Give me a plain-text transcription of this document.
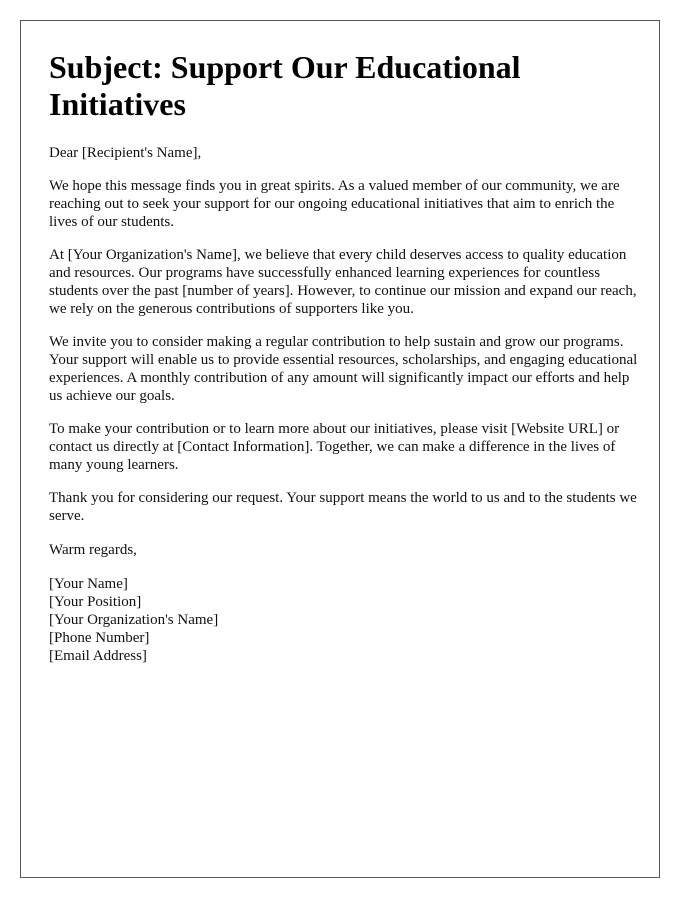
Subject: Support Our Educational Initiatives
Dear [Recipient's Name],

We hope this message finds you in great spirits. As a valued member of our community, we are reaching out to seek your support for our ongoing educational initiatives that aim to enrich the lives of our students.

At [Your Organization's Name], we believe that every child deserves access to quality education and resources. Our programs have successfully enhanced learning experiences for countless students over the past [number of years]. However, to continue our mission and expand our reach, we rely on the generous contributions of supporters like you.

We invite you to consider making a regular contribution to help sustain and grow our programs. Your support will enable us to provide essential resources, scholarships, and engaging educational experiences. A monthly contribution of any amount will significantly impact our efforts and help us achieve our goals.

To make your contribution or to learn more about our initiatives, please visit [Website URL] or contact us directly at [Contact Information]. Together, we can make a difference in the lives of many young learners.

Thank you for considering our request. Your support means the world to us and to the students we serve.

Warm regards,
[Your Name]
[Your Position]
[Your Organization's Name]
[Phone Number]
[Email Address]
